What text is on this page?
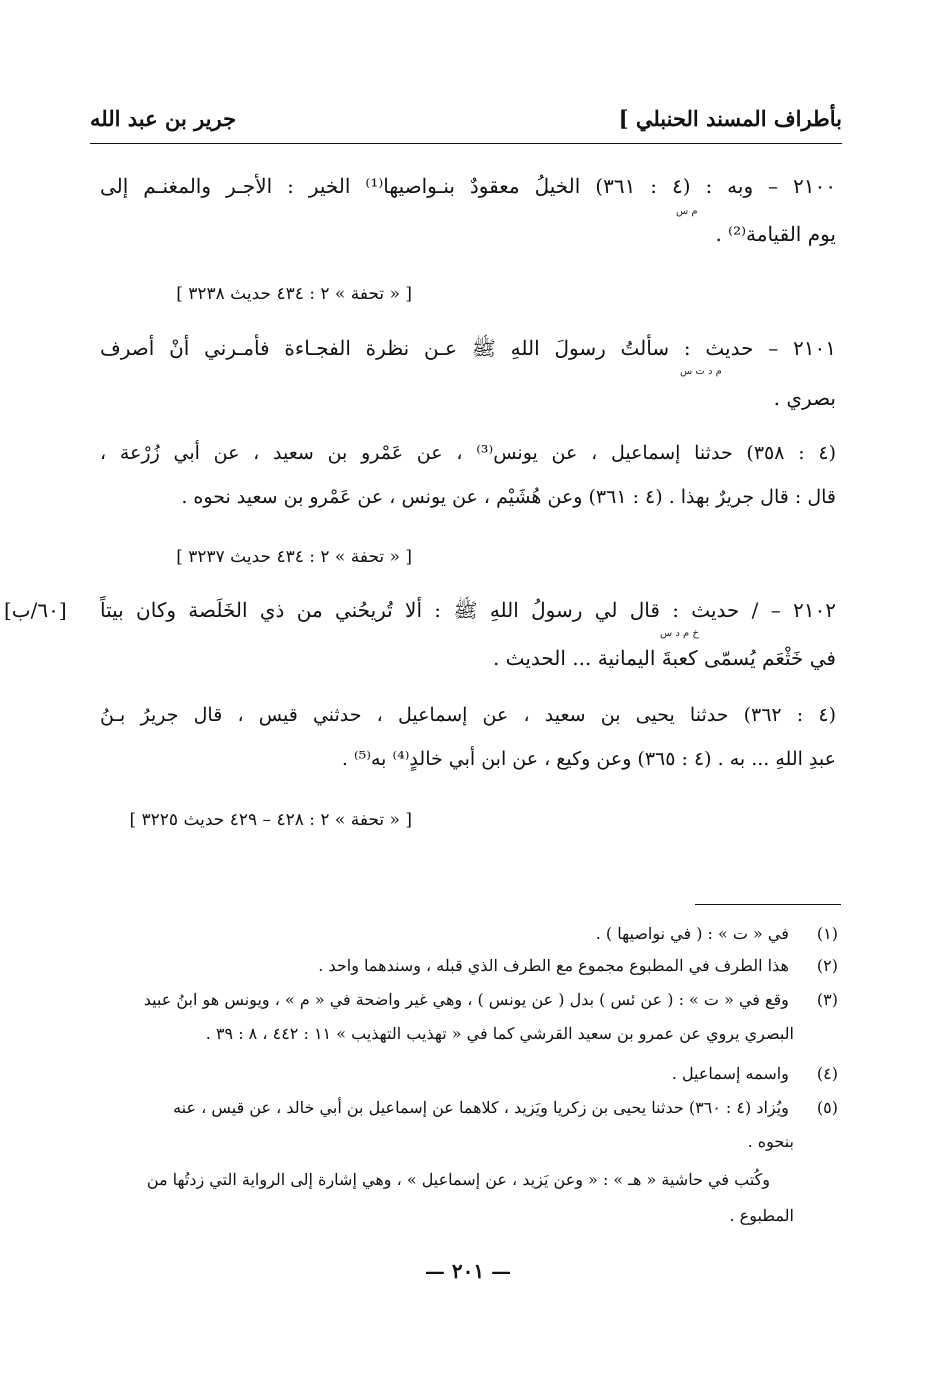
بأطراف المسند الحنبلي ]
جرير بن عبد الله
٢١٠٠ – وبه : (٤ : ٣٦١) الخيلُ معقودٌ بنـواصيها⁽¹⁾ الخير : الأجـر والمغنـم إلى
م س
يوم القيامة⁽²⁾ .
[ « تحفة » ٢ : ٤٣٤ حديث ٣٢٣٨ ]
٢١٠١ – حديث : سألتُ رسولَ اللهِ ﷺ عـن نظرة الفجـاءة فأمـرني أنْ أصرف
م د ت س
بصري .
(٤ : ٣٥٨) حدثنا إسماعيل ، عن يونس⁽³⁾ ، عن عَمْرو بن سعيد ، عن أبي زُرْعة ،
قال : قال جريرٌ بهذا . (٤ : ٣٦١) وعن هُشَيْم ، عن يونس ، عن عَمْرو بن سعيد نحوه .
[ « تحفة » ٢ : ٤٣٤ حديث ٣٢٣٧ ]
[٦٠/ب] ٢١٠٢ – / حديث : قال لي رسولُ اللهِ ﷺ : ألا تُريحُني من ذي الخَلَصة وكان بيتاً
خ م د س
في خَثْعَم يُسمّى كعبةَ اليمانية ... الحديث .
(٤ : ٣٦٢) حدثنا يحيى بن سعيد ، عن إسماعيل ، حدثني قيس ، قال جريرُ بـنُ
عبدِ اللهِ ... به . (٤ : ٣٦٥) وعن وكيع ، عن ابن أبي خالدٍ⁽⁴⁾ به⁽⁵⁾ .
[ « تحفة » ٢ : ٤٢٨ – ٤٢٩ حديث ٣٢٢٥ ]
(١) في « ت » : ( في نواصيها ) .
(٢) هذا الطرف في المطبوع مجموع مع الطرف الذي قبله ، وسندهما واحد .
(٣) وقع في « ت » : ( عن ئس ) بدل ( عن يونس ) ، وهي غير واضحة في « م » ، ويونس هو ابنُ عبيد
البصري يروي عن عمرو بن سعيد القرشي كما في « تهذيب التهذيب » ١١ : ٤٤٢ ، ٨ : ٣٩ .
(٤) واسمه إسماعيل .
(٥) ويُزاد (٤ : ٣٦٠) حدثنا يحيى بن زكريا ويَزيد ، كلاهما عن إسماعيل بن أبي خالد ، عن قيس ، عنه
بنحوه .
وكُتب في حاشية « هـ » : « وعن يَزيد ، عن إسماعيل » ، وهي إشارة إلى الرواية التي زدتُها من
المطبوع .
— ٢٠١ —
